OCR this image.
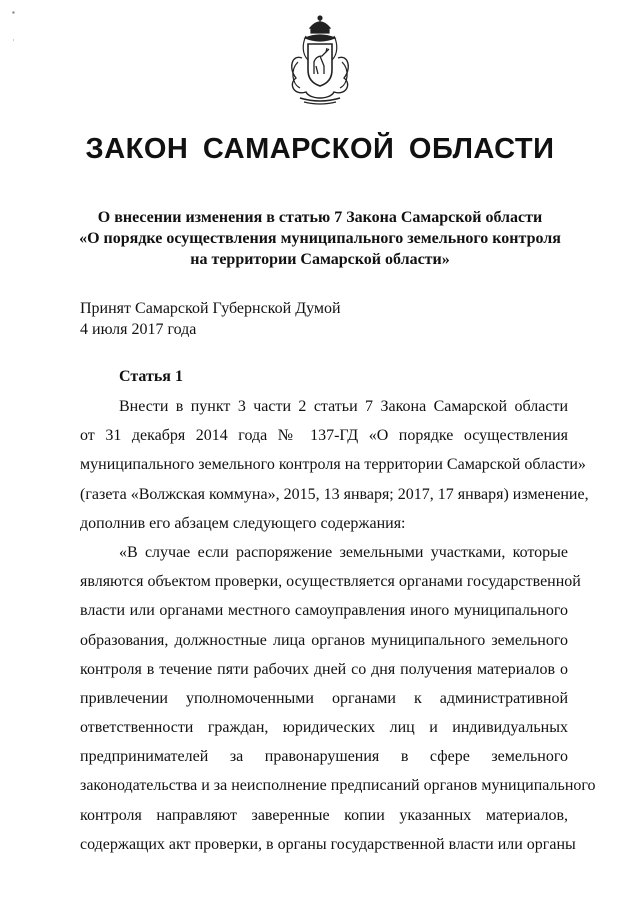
▪
·
ЗАКОН САМАРСКОЙ ОБЛАСТИ
О внесении изменения в статью 7 Закона Самарской области
«О порядке осуществления муниципального земельного контроля
на территории Самарской области»
Принят Самарской Губернской Думой
4 июля 2017 года
Статья 1
Внести в пункт 3 части 2 статьи 7 Закона Самарской области
от 31 декабря 2014 года № 137-ГД «О порядке осуществления
муниципального земельного контроля на территории Самарской области»
(газета «Волжская коммуна», 2015, 13 января; 2017, 17 января) изменение,
дополнив его абзацем следующего содержания:
«В случае если распоряжение земельными участками, которые
являются объектом проверки, осуществляется органами государственной
власти или органами местного самоуправления иного муниципального
образования, должностные лица органов муниципального земельного
контроля в течение пяти рабочих дней со дня получения материалов о
привлечении уполномоченными органами к административной
ответственности граждан, юридических лиц и индивидуальных
предпринимателей за правонарушения в сфере земельного
законодательства и за неисполнение предписаний органов муниципального
контроля направляют заверенные копии указанных материалов,
содержащих акт проверки, в органы государственной власти или органы
